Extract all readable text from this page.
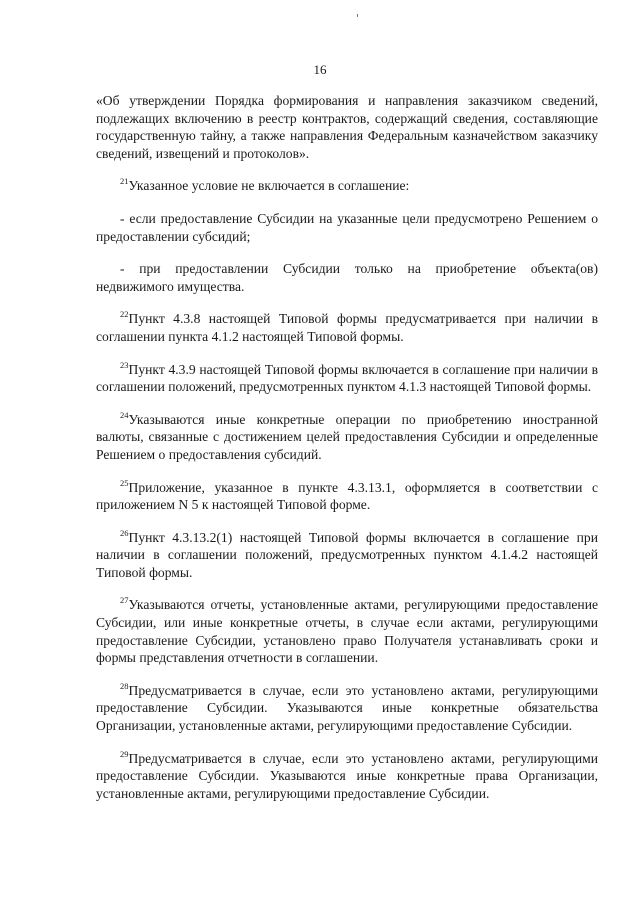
16

«Об утверждении Порядка формирования и направления заказчиком сведений, подлежащих включению в реестр контрактов, содержащий сведения, составляющие государственную тайну, а также направления Федеральным казначейством заказчику сведений, извещений и протоколов».

$^{21}$Указанное условие не включается в соглашение:

- если предоставление Субсидии на указанные цели предусмотрено Решением о предоставлении субсидий;

- при предоставлении Субсидии только на приобретение объекта(ов) недвижимого имущества.

$^{22}$Пункт 4.3.8 настоящей Типовой формы предусматривается при наличии в соглашении пункта 4.1.2 настоящей Типовой формы.

$^{23}$Пункт 4.3.9 настоящей Типовой формы включается в соглашение при наличии в соглашении положений, предусмотренных пунктом 4.1.3 настоящей Типовой формы.

$^{24}$Указываются иные конкретные операции по приобретению иностранной валюты, связанные с достижением целей предоставления Субсидии и определенные Решением о предоставления субсидий.

$^{25}$Приложение, указанное в пункте 4.3.13.1, оформляется в соответствии с приложением N 5 к настоящей Типовой форме.

$^{26}$Пункт 4.3.13.2(1) настоящей Типовой формы включается в соглашение при наличии в соглашении положений, предусмотренных пунктом 4.1.4.2 настоящей Типовой формы.

$^{27}$Указываются отчеты, установленные актами, регулирующими предоставление Субсидии, или иные конкретные отчеты, в случае если актами, регулирующими предоставление Субсидии, установлено право Получателя устанавливать сроки и формы представления отчетности в соглашении.

$^{28}$Предусматривается в случае, если это установлено актами, регулирующими предоставление Субсидии. Указываются иные конкретные обязательства Организации, установленные актами, регулирующими предоставление Субсидии.

$^{29}$Предусматривается в случае, если это установлено актами, регулирующими предоставление Субсидии. Указываются иные конкретные права Организации, установленные актами, регулирующими предоставление Субсидии.
